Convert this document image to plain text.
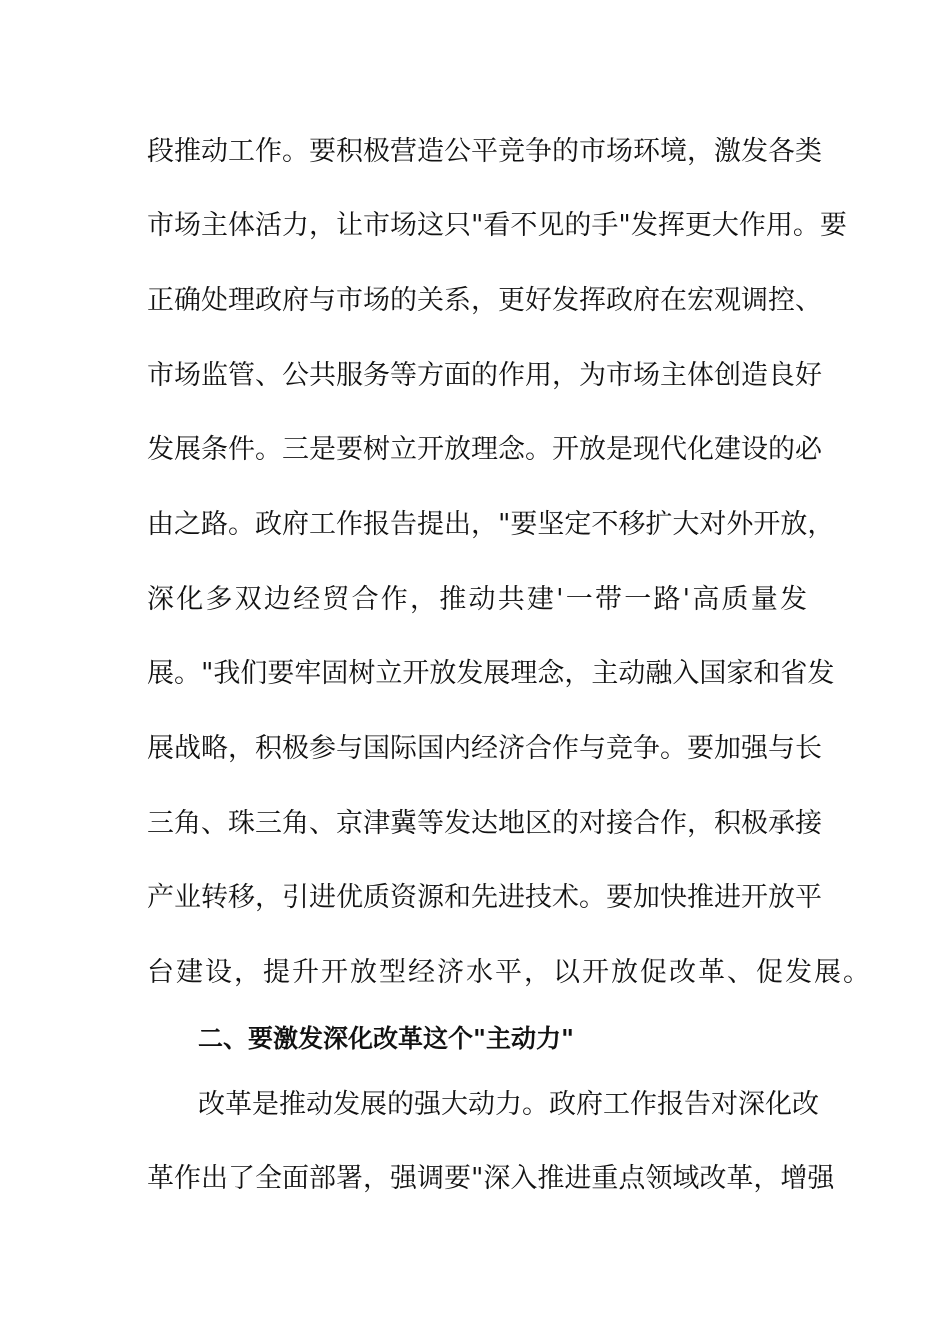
段推动工作。要积极营造公平竞争的市场环境，激发各类
市场主体活力，让市场这只"看不见的手"发挥更大作用。要
正确处理政府与市场的关系，更好发挥政府在宏观调控、
市场监管、公共服务等方面的作用，为市场主体创造良好
发展条件。三是要树立开放理念。开放是现代化建设的必
由之路。政府工作报告提出，"要坚定不移扩大对外开放，
深化多双边经贸合作，推动共建'一带一路'高质量发
展。"我们要牢固树立开放发展理念，主动融入国家和省发
展战略，积极参与国际国内经济合作与竞争。要加强与长
三角、珠三角、京津冀等发达地区的对接合作，积极承接
产业转移，引进优质资源和先进技术。要加快推进开放平
台建设，提升开放型经济水平，以开放促改革、促发展。
二、要激发深化改革这个"主动力"
改革是推动发展的强大动力。政府工作报告对深化改
革作出了全面部署，强调要"深入推进重点领域改革，增强
